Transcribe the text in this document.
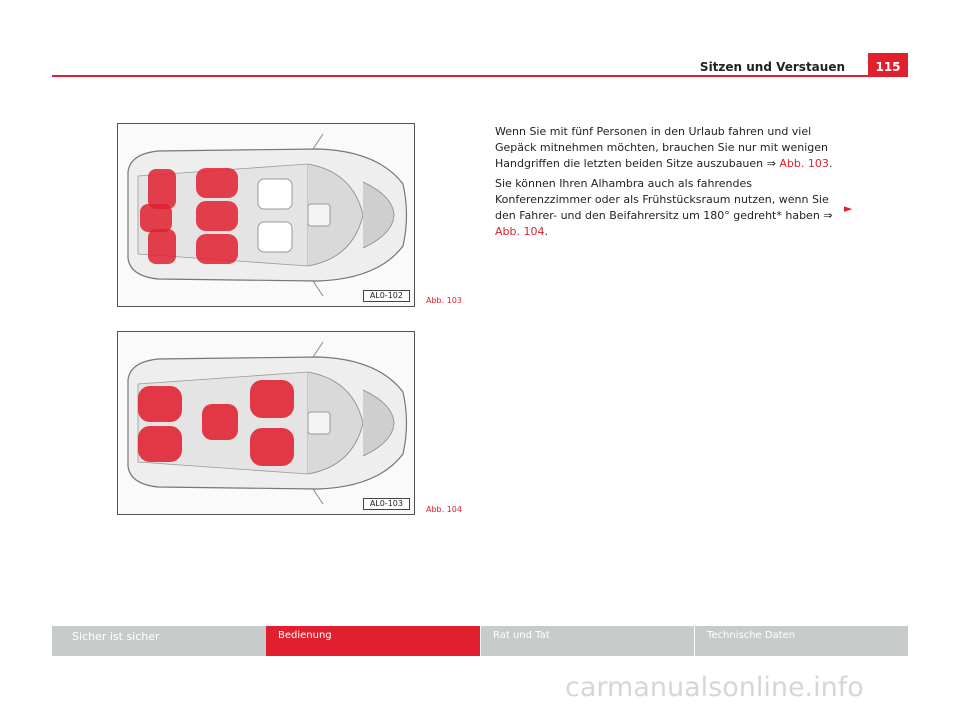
Sitzen und Verstauen	115
AL0-102
Abb. 103
AL0-103
Abb. 104

Wenn Sie mit fünf Personen in den Urlaub fahren und viel Gepäck mitnehmen möchten, brauchen Sie nur mit wenigen Handgriffen die letzten beiden Sitze auszubauen ⇒ Abb. 103.

Sie können Ihren Alhambra auch als fahrendes Konferenzzimmer oder als Frühstücksraum nutzen, wenn Sie den Fahrer- und den Beifahrersitz um 180° gedreht* haben ⇒ Abb. 104.

►
Sicher ist sicher	Bedienung	Rat und Tat	Technische Daten
carmanualsonline.info
